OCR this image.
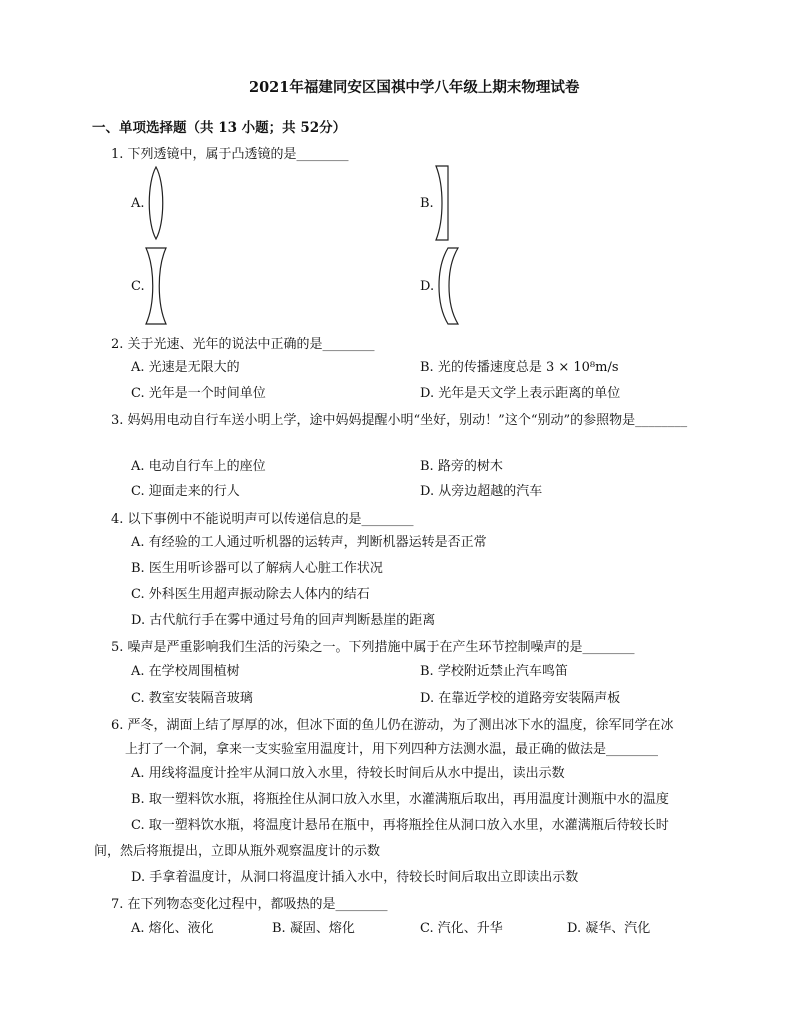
2021年福建同安区国祺中学八年级上期末物理试卷
一、单项选择题（共 13 小题；共 52分）
1. 下列透镜中，属于凸透镜的是________
A.	B.
C.	D.
2. 关于光速、光年的说法中正确的是________
A. 光速是无限大的	B. 光的传播速度总是 3 × 10⁸m/s
C. 光年是一个时间单位	D. 光年是天文学上表示距离的单位
3. 妈妈用电动自行车送小明上学，途中妈妈提醒小明“坐好，别动！”这个“别动”的参照物是________
A. 电动自行车上的座位	B. 路旁的树木
C. 迎面走来的行人	D. 从旁边超越的汽车
4. 以下事例中不能说明声可以传递信息的是________
A. 有经验的工人通过听机器的运转声，判断机器运转是否正常
B. 医生用听诊器可以了解病人心脏工作状况
C. 外科医生用超声振动除去人体内的结石
D. 古代航行手在雾中通过号角的回声判断悬崖的距离
5. 噪声是严重影响我们生活的污染之一。下列措施中属于在产生环节控制噪声的是________
A. 在学校周围植树	B. 学校附近禁止汽车鸣笛
C. 教室安装隔音玻璃	D. 在靠近学校的道路旁安装隔声板
6. 严冬，湖面上结了厚厚的冰，但冰下面的鱼儿仍在游动，为了测出冰下水的温度，徐军同学在冰
上打了一个洞，拿来一支实验室用温度计，用下列四种方法测水温，最正确的做法是________
A. 用线将温度计拴牢从洞口放入水里，待较长时间后从水中提出，读出示数
B. 取一塑料饮水瓶，将瓶拴住从洞口放入水里，水灌满瓶后取出，再用温度计测瓶中水的温度
C. 取一塑料饮水瓶，将温度计悬吊在瓶中，再将瓶拴住从洞口放入水里，水灌满瓶后待较长时
间，然后将瓶提出，立即从瓶外观察温度计的示数
D. 手拿着温度计，从洞口将温度计插入水中，待较长时间后取出立即读出示数
7. 在下列物态变化过程中，都吸热的是________
A. 熔化、液化	B. 凝固、熔化	C. 汽化、升华	D. 凝华、汽化
